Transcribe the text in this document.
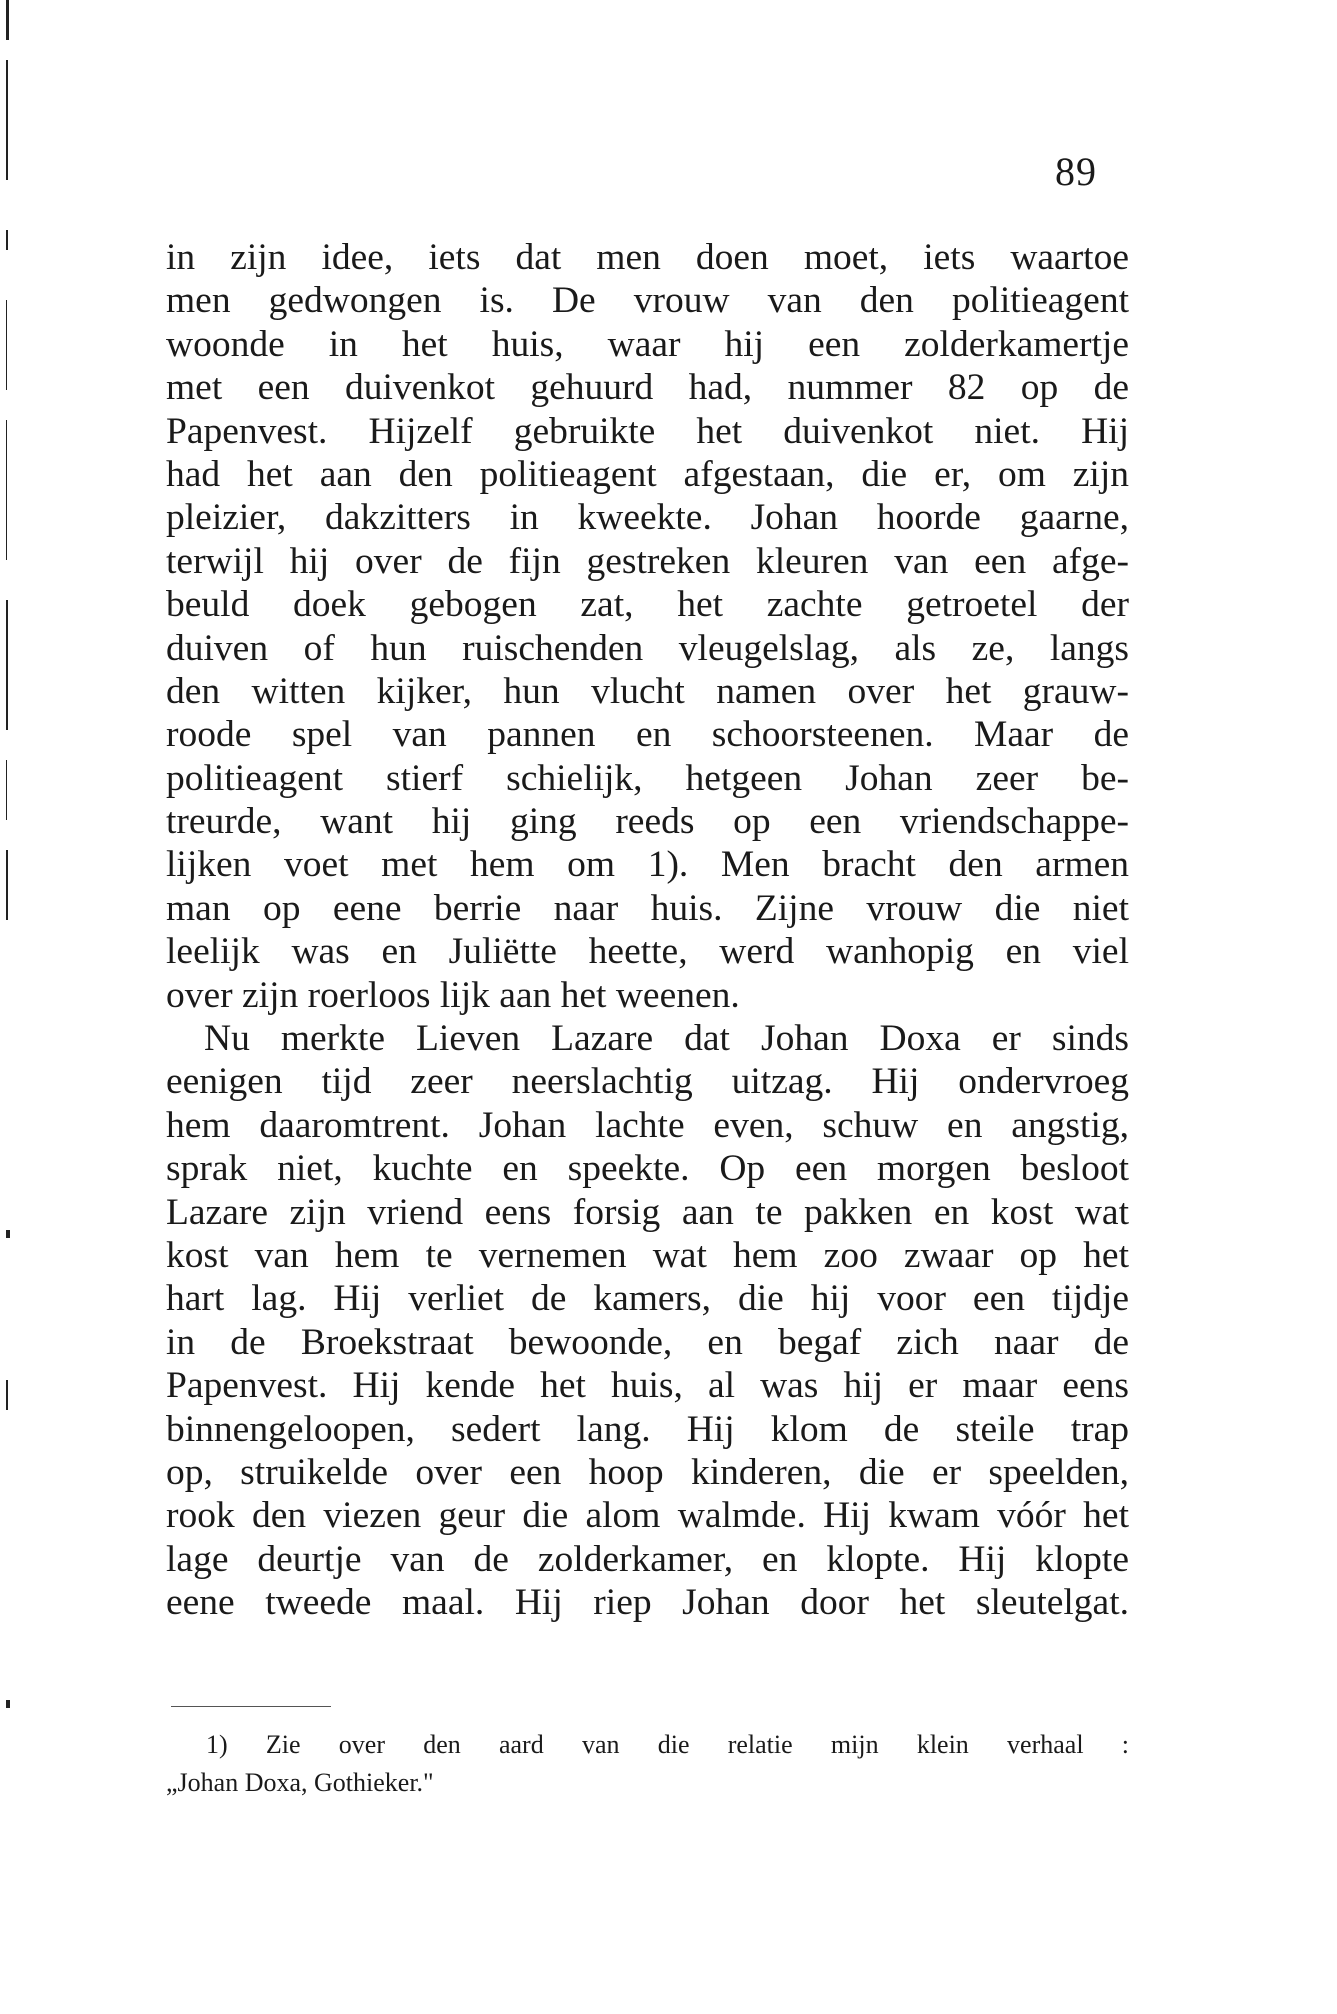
89
in zijn idee, iets dat men doen moet, iets waartoe
men gedwongen is. De vrouw van den politieagent
woonde in het huis, waar hij een zolderkamertje
met een duivenkot gehuurd had, nummer 82 op de
Papenvest. Hijzelf gebruikte het duivenkot niet. Hij
had het aan den politieagent afgestaan, die er, om zijn
pleizier, dakzitters in kweekte. Johan hoorde gaarne,
terwijl hij over de fijn gestreken kleuren van een afge-
beuld doek gebogen zat, het zachte getroetel der
duiven of hun ruischenden vleugelslag, als ze, langs
den witten kijker, hun vlucht namen over het grauw-
roode spel van pannen en schoorsteenen. Maar de
politieagent stierf schielijk, hetgeen Johan zeer be-
treurde, want hij ging reeds op een vriendschappe-
lijken voet met hem om 1). Men bracht den armen
man op eene berrie naar huis. Zijne vrouw die niet
leelijk was en Juliëtte heette, werd wanhopig en viel
over zijn roerloos lijk aan het weenen.
Nu merkte Lieven Lazare dat Johan Doxa er sinds
eenigen tijd zeer neerslachtig uitzag. Hij ondervroeg
hem daaromtrent. Johan lachte even, schuw en angstig,
sprak niet, kuchte en speekte. Op een morgen besloot
Lazare zijn vriend eens forsig aan te pakken en kost wat
kost van hem te vernemen wat hem zoo zwaar op het
hart lag. Hij verliet de kamers, die hij voor een tijdje
in de Broekstraat bewoonde, en begaf zich naar de
Papenvest. Hij kende het huis, al was hij er maar eens
binnengeloopen, sedert lang. Hij klom de steile trap
op, struikelde over een hoop kinderen, die er speelden,
rook den viezen geur die alom walmde. Hij kwam vóór het
lage deurtje van de zolderkamer, en klopte. Hij klopte
eene tweede maal. Hij riep Johan door het sleutelgat.
1) Zie over den aard van die relatie mijn klein verhaal :
„Johan Doxa, Gothieker."
